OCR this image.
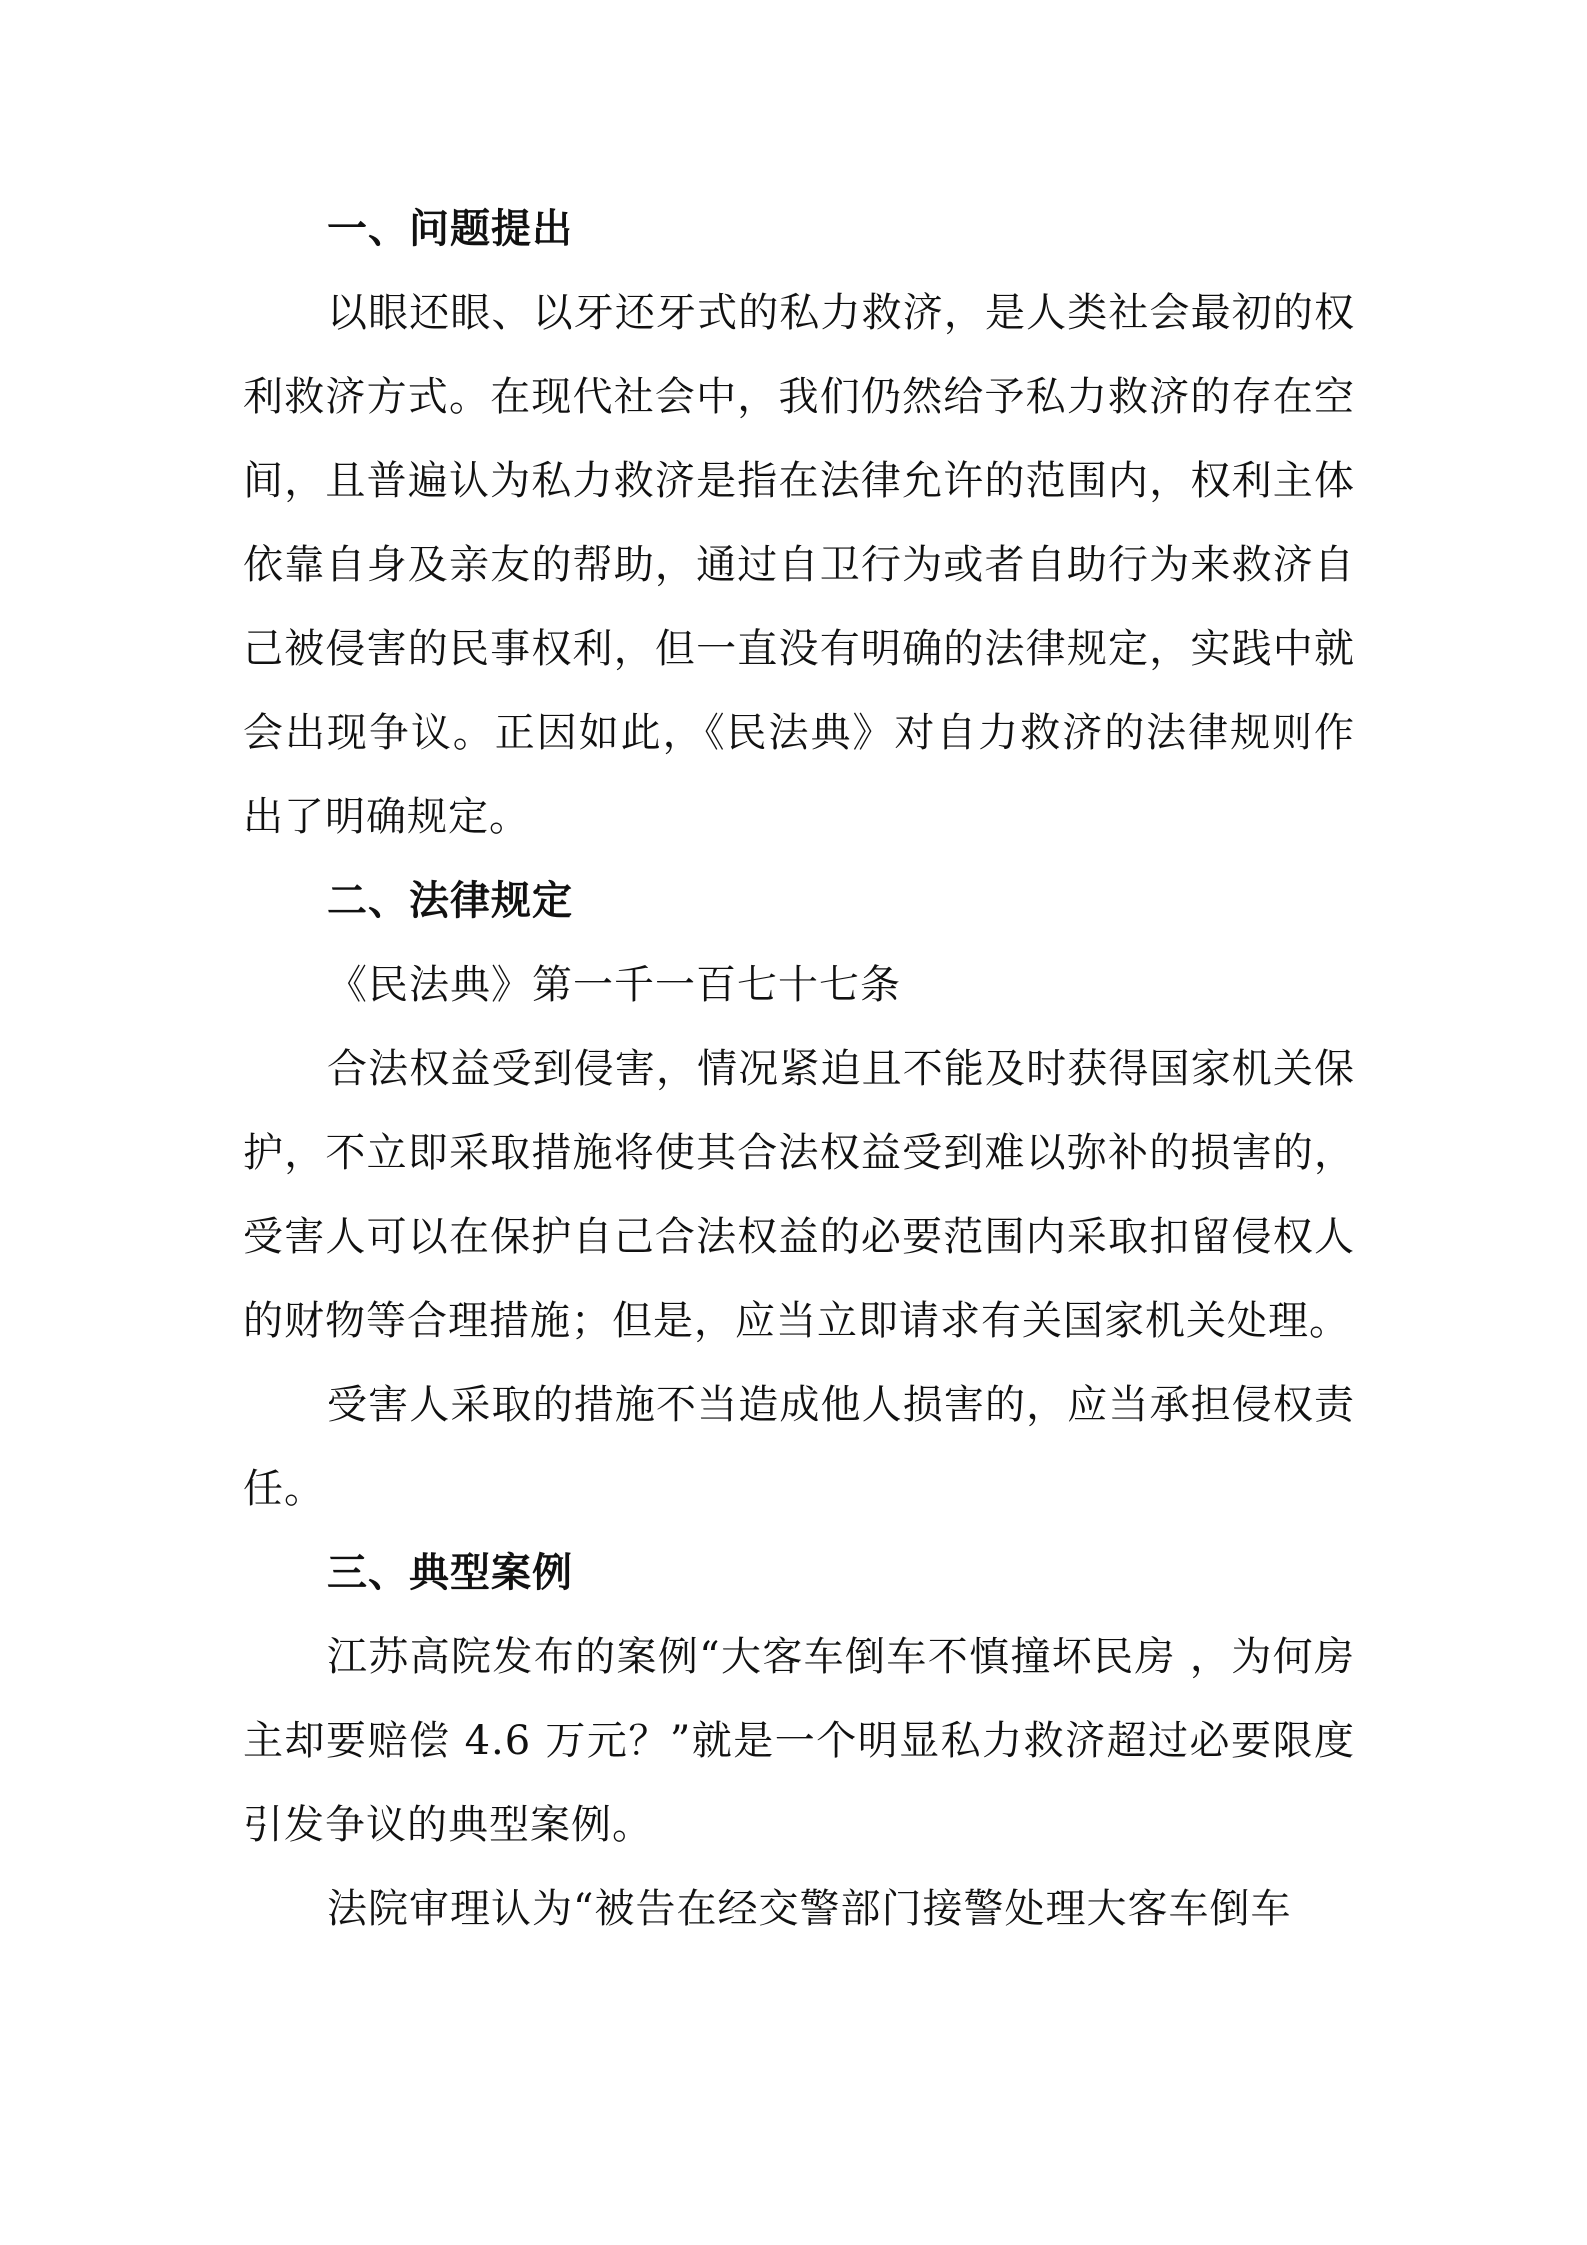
一、问题提出

以眼还眼、以牙还牙式的私力救济，是人类社会最初的权利救济方式。在现代社会中，我们仍然给予私力救济的存在空间，且普遍认为私力救济是指在法律允许的范围内，权利主体依靠自身及亲友的帮助，通过自卫行为或者自助行为来救济自己被侵害的民事权利，但一直没有明确的法律规定，实践中就会出现争议。正因如此，《民法典》对自力救济的法律规则作出了明确规定。

二、法律规定

《民法典》第一千一百七十七条

合法权益受到侵害，情况紧迫且不能及时获得国家机关保护，不立即采取措施将使其合法权益受到难以弥补的损害的，受害人可以在保护自己合法权益的必要范围内采取扣留侵权人的财物等合理措施；但是，应当立即请求有关国家机关处理。

受害人采取的措施不当造成他人损害的，应当承担侵权责任。

三、典型案例

江苏高院发布的案例“大客车倒车不慎撞坏民房 ，为何房主却要赔偿 4.6 万元？”就是一个明显私力救济超过必要限度引发争议的典型案例。

法院审理认为“被告在经交警部门接警处理大客车倒车
